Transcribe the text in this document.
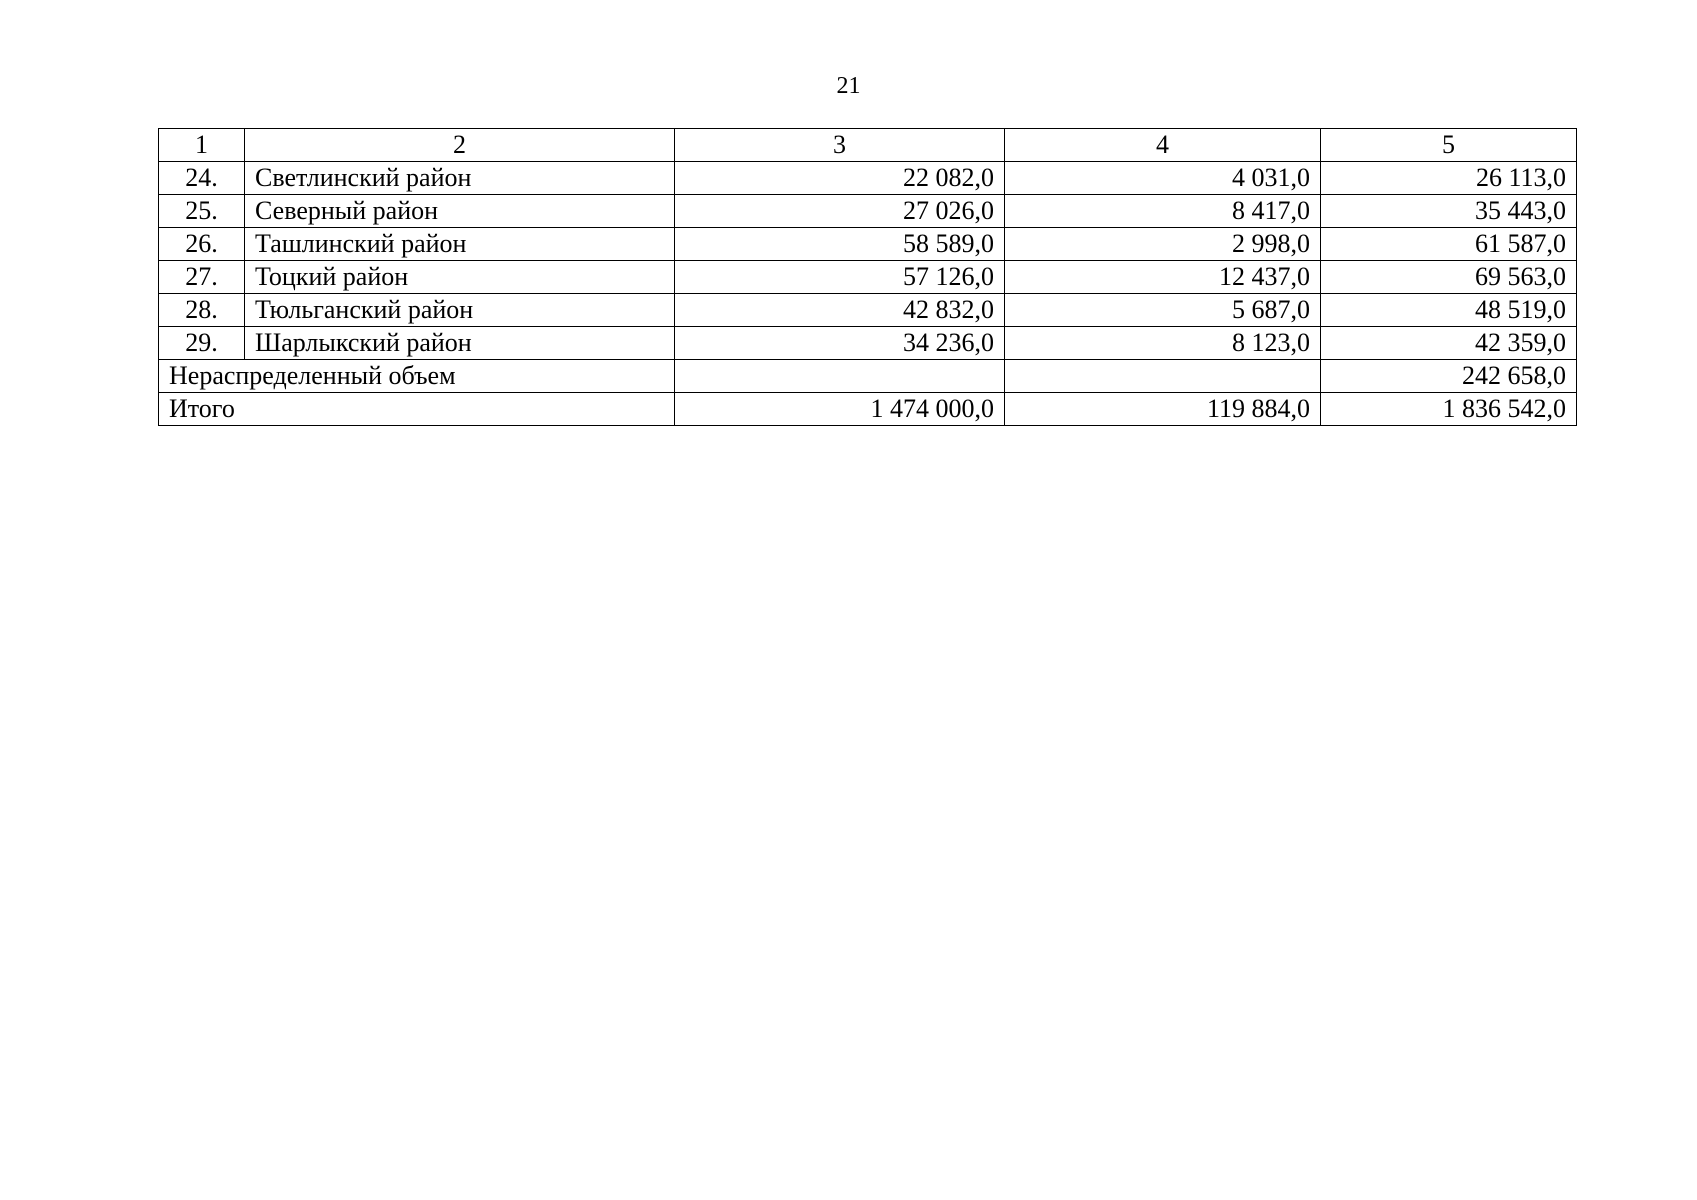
21
1	2	3	4	5
24.	Светлинский район	22 082,0	4 031,0	26 113,0
25.	Северный район	27 026,0	8 417,0	35 443,0
26.	Ташлинский район	58 589,0	2 998,0	61 587,0
27.	Тоцкий район	57 126,0	12 437,0	69 563,0
28.	Тюльганский район	42 832,0	5 687,0	48 519,0
29.	Шарлыкский район	34 236,0	8 123,0	42 359,0
Нераспределенный объем				242 658,0
Итого		1 474 000,0	119 884,0	1 836 542,0
